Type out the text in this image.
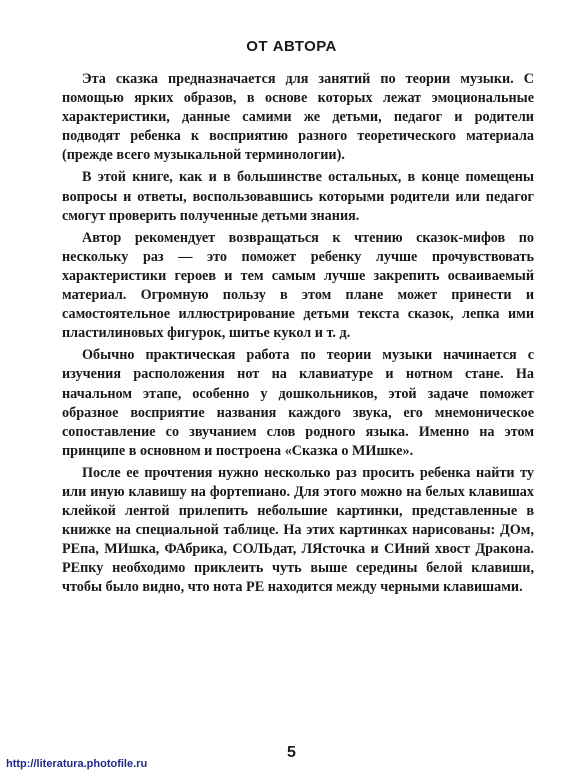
ОТ АВТОРА

Эта сказка предназначается для занятий по теории музыки. С помощью ярких образов, в основе которых лежат эмоциональные характеристики, данные самими же детьми, педагог и родители подводят ребенка к восприятию разного теоретического материала (прежде всего музыкальной терминологии).

В этой книге, как и в большинстве остальных, в конце помещены вопросы и ответы, воспользовавшись которыми родители или педагог смогут проверить полученные детьми знания.

Автор рекомендует возвращаться к чтению сказок-мифов по нескольку раз — это поможет ребенку лучше прочувствовать характеристики героев и тем самым лучше закрепить осваиваемый материал. Огромную пользу в этом плане может принести и самостоятельное иллюстрирование детьми текста сказок, лепка ими пластилиновых фигурок, шитье кукол и т. д.

Обычно практическая работа по теории музыки начинается с изучения расположения нот на клавиатуре и нотном стане. На начальном этапе, особенно у дошкольников, этой задаче поможет образное восприятие названия каждого звука, его мнемоническое сопоставление со звучанием слов родного языка. Именно на этом принципе в основном и построена «Сказка о МИшке».

После ее прочтения нужно несколько раз просить ребенка найти ту или иную клавишу на фортепиано. Для этого можно на белых клавишах клейкой лентой прилепить небольшие картинки, представленные в книжке на специальной таблице. На этих картинках нарисованы: ДОм, РЕпа, МИшка, ФАбрика, СОЛЬдат, ЛЯсточка и СИний хвост Дракона. РЕпку необходимо приклеить чуть выше середины белой клавиши, чтобы было видно, что нота РЕ находится между черными клавишами.

5
http://literatura.photofile.ru
